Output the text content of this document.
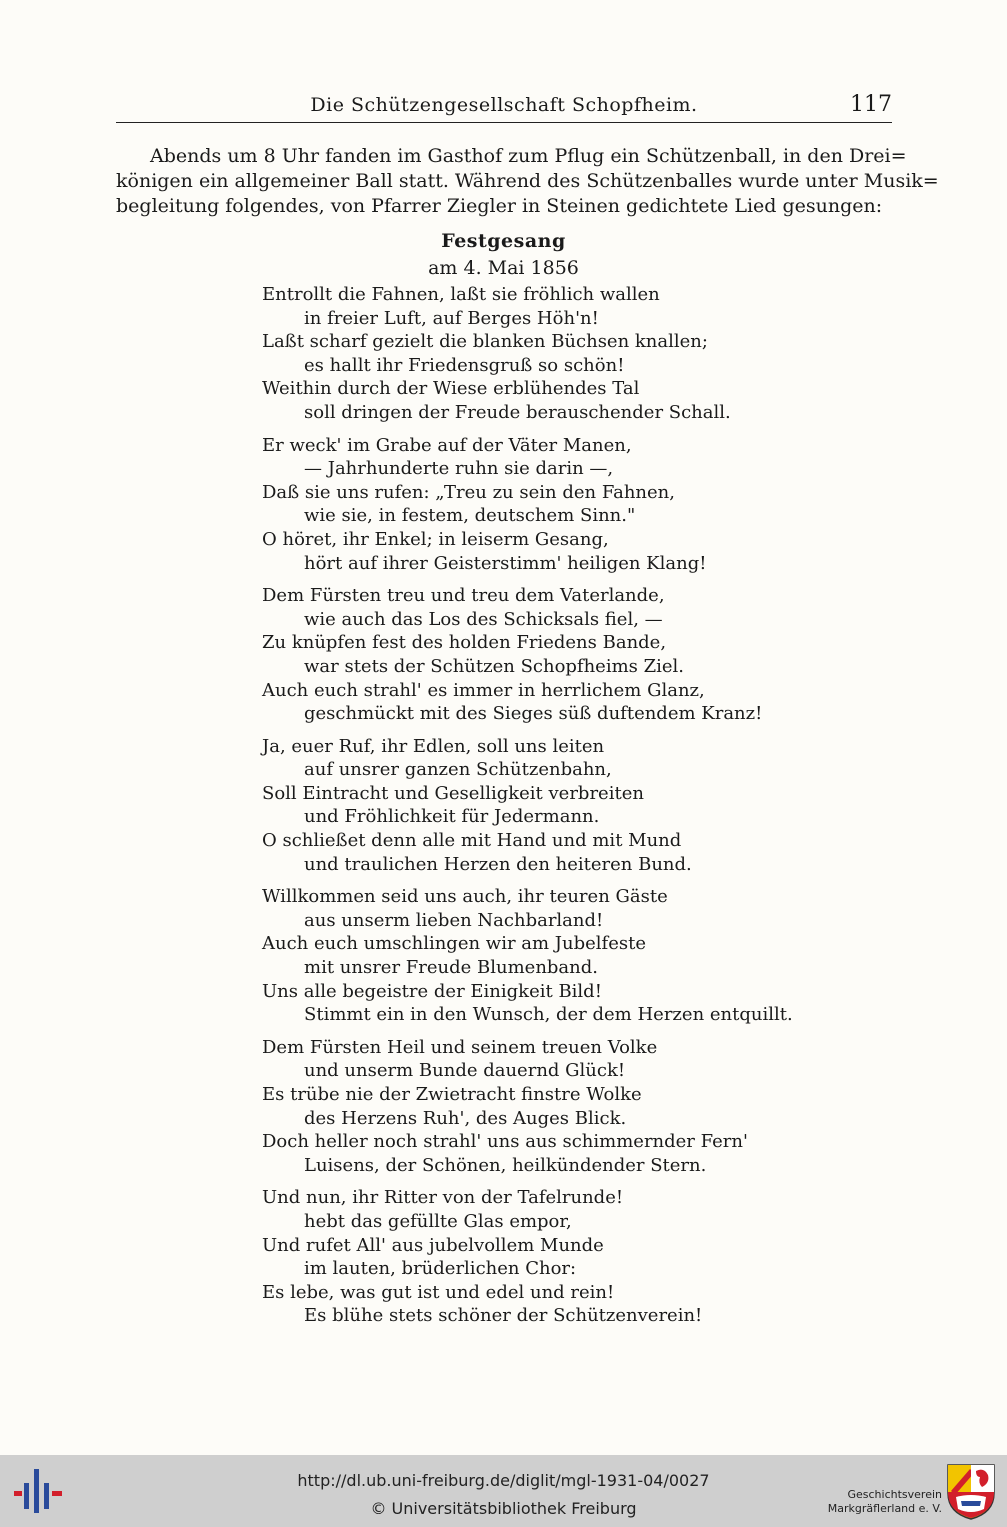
Die Schützengesellschaft Schopfheim.	117
Abends um 8 Uhr fanden im Gasthof zum Pflug ein Schützenball, in den Drei=
königen ein allgemeiner Ball statt. Während des Schützenballes wurde unter Musik=
begleitung folgendes, von Pfarrer Ziegler in Steinen gedichtete Lied gesungen:
Festgesang
am 4. Mai 1856
Entrollt die Fahnen, laßt sie fröhlich wallen
in freier Luft, auf Berges Höh'n!
Laßt scharf gezielt die blanken Büchsen knallen;
es hallt ihr Friedensgruß so schön!
Weithin durch der Wiese erblühendes Tal
soll dringen der Freude berauschender Schall.
Er weck' im Grabe auf der Väter Manen,
— Jahrhunderte ruhn sie darin —,
Daß sie uns rufen: „Treu zu sein den Fahnen,
wie sie, in festem, deutschem Sinn."
O höret, ihr Enkel; in leiserm Gesang,
hört auf ihrer Geisterstimm' heiligen Klang!
Dem Fürsten treu und treu dem Vaterlande,
wie auch das Los des Schicksals fiel, —
Zu knüpfen fest des holden Friedens Bande,
war stets der Schützen Schopfheims Ziel.
Auch euch strahl' es immer in herrlichem Glanz,
geschmückt mit des Sieges süß duftendem Kranz!
Ja, euer Ruf, ihr Edlen, soll uns leiten
auf unsrer ganzen Schützenbahn,
Soll Eintracht und Geselligkeit verbreiten
und Fröhlichkeit für Jedermann.
O schließet denn alle mit Hand und mit Mund
und traulichen Herzen den heiteren Bund.
Willkommen seid uns auch, ihr teuren Gäste
aus unserm lieben Nachbarland!
Auch euch umschlingen wir am Jubelfeste
mit unsrer Freude Blumenband.
Uns alle begeistre der Einigkeit Bild!
Stimmt ein in den Wunsch, der dem Herzen entquillt.
Dem Fürsten Heil und seinem treuen Volke
und unserm Bunde dauernd Glück!
Es trübe nie der Zwietracht finstre Wolke
des Herzens Ruh', des Auges Blick.
Doch heller noch strahl' uns aus schimmernder Fern'
Luisens, der Schönen, heilkündender Stern.
Und nun, ihr Ritter von der Tafelrunde!
hebt das gefüllte Glas empor,
Und rufet All' aus jubelvollem Munde
im lauten, brüderlichen Chor:
Es lebe, was gut ist und edel und rein!
Es blühe stets schöner der Schützenverein!
http://dl.ub.uni-freiburg.de/diglit/mgl-1931-04/0027
© Universitätsbibliothek Freiburg
Geschichtsverein
Markgräflerland e. V.
